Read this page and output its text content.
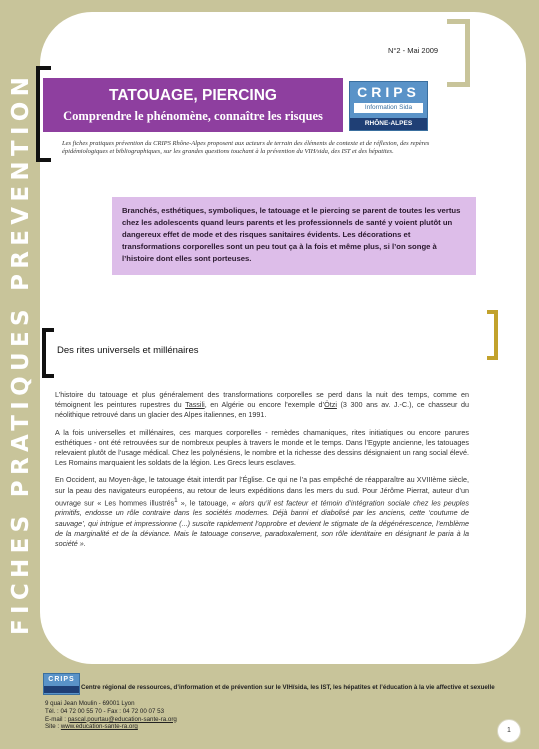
FICHES PRATIQUES PREVENTION
N°2 - Mai 2009
TATOUAGE, PIERCING
Comprendre le phénomène, connaître les risques
CRIPS
Information Sida
RHÔNE-ALPES
Les fiches pratiques prévention du CRIPS Rhône-Alpes proposent aux acteurs de terrain des éléments de contexte et de réflexion, des repères épidémiologiques et bibliographiques, sur les grandes questions touchant à la prévention du VIH/sida, des IST et des hépatites.
Branchés, esthétiques, symboliques, le tatouage et le piercing se parent de toutes les vertus chez les adolescents quand leurs parents et les professionnels de santé y voient plutôt un dangereux effet de mode et des risques sanitaires évidents. Les décorations et transformations corporelles sont un peu tout ça à la fois et même plus, si l’on songe à l’histoire dont elles sont porteuses.
Des rites universels et millénaires

L’histoire du tatouage et plus généralement des transformations corporelles se perd dans la nuit des temps, comme en témoignent les peintures rupestres du Tassili, en Algérie ou encore l’exemple d’Ötzi (3 300 ans av. J.-C.), ce chasseur du néolithique retrouvé dans un glacier des Alpes italiennes, en 1991.

A la fois universelles et millénaires, ces marques corporelles - remèdes chamaniques, rites initiatiques ou encore parures esthétiques - ont été retrouvées sur de nombreux peuples à travers le monde et le temps. Dans l’Egypte ancienne, les tatouages relevaient plutôt de l’usage médical. Chez les polynésiens, le nombre et la richesse des dessins désignaient un rang social élevé. Les Romains marquaient les soldats de la légion. Les Grecs leurs esclaves.

En Occident, au Moyen-âge, le tatouage était interdit par l’Église. Ce qui ne l’a pas empêché de réapparaître au XVIIIème siècle, sur la peau des navigateurs européens, au retour de leurs expéditions dans les mers du sud. Pour Jérôme Pierrat, auteur d’un ouvrage sur « Les hommes illustrés$^1$ », le tatouage, « alors qu’il est facteur et témoin d’intégration sociale chez les peuples primitifs, endosse un rôle contraire dans les sociétés modernes. Déjà banni et diabolisé par les anciens, cette ‘coutume de sauvage’, qui intrigue et impressionne (...) suscite rapidement l’opprobre et devient le stigmate de la dégénérescence, l’emblème de la marginalité et de la déviance. Mais le tatouage conserve, paradoxalement, son rôle identitaire en désignant le paria à la société ».

CRIPS
Centre régional de ressources, d’information et de prévention sur le VIH/sida, les IST, les hépatites et l’éducation à la vie affective et sexuelle
9 quai Jean Moulin - 69001 Lyon
Tél. : 04 72 00 55 70 - Fax : 04 72 00 07 53
E-mail : pascal.pourtau@education-sante-ra.org
Site : www.education-sante-ra.org
1
